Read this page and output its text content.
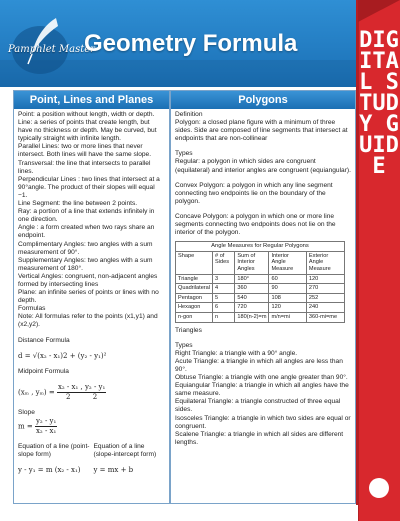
Pamphlet Master
Geometry Formula	DIGITAL STUDY GUIDE
Point, Lines and Planes

Point: a position without length, width or depth.

Line: a series of points that create length, but have no thickness or depth. May be curved, but typically straight with infinite length.

Parallel Lines: two or more lines that never intersect. Both lines will have the same slope.

Transversal: the line that intersects to parallel lines.

Perpendicular Lines : two lines that intersect at a 90°angle. The product of their slopes will equal −1.

Line Segment: the line between 2 points.

Ray: a portion of a line that extends infinitely in one direction.

Angle : a form created when two rays share an endpoint.

Complimentary Angles: two angles with a sum measurement of 90°.

Supplementary Angles: two angles with a sum measurement of 180°.

Vertical Angles: congruent, non-adjacent angles formed by intersecting lines

Plane: an infinite series of points or lines with no depth.

Formulas

Note: All formulas refer to the points (x1,y1) and (x2,y2).

Distance Formula

d = √(x₂ - x₁)2 + (y₂ - y₁)²

Midpoint Formula

(xₘ , $y_m) = \frac{\text{x₂ - x₁ , y₂ - y₁}}{2 2}$

Slope

$m = \frac{\text{y₂ - y₁}}{\text{x₂ - x₁}}$
Equation of a line (point-slope form)
Equation of a line (slope-intercept form)
y - y₁ = m (x₂ - x₁)	y = mx + b
Polygons

Definition

Polygon: a closed plane figure with a minimum of three sides. Side are composed of line segments that intersect at endpoints that are non-collinear

Types

Regular: a polygon in which sides are congruent (equilateral) and interior angles are congruent (equiangular).

Convex Polygon: a polygon in which any line segment connecting two endpoints lie on the boundary of the polygon.

Concave Polygon: a polygon in which one or more line segments connecting two endpoints does not lie on the interior of the polygon.

Angle Measures for Regular Polygons
Shape	# of Sides	Sum of Interior Angles	Interior Angle Measure	Exterior Angle Measure
Triangle	3	180°	60	120
Quadrilateral	4	360	90	270
Pentagon	5	540	108	252
Hexagon	6	720	120	240
n-gon	n	180(n-2)=m	m/n=mi	360-mi=me

Triangles

Types

Right Triangle: a triangle with a 90° angle.

Acute Triangle: a triangle in which all angles are less than 90°.

Obtuse Triangle: a triangle with one angle greater than 90°.

Equiangular Triangle: a triangle in which all angles have the same measure.

Equilateral Triangle: a triangle constructed of three equal sides.

Isosceles Triangle: a triangle in which two sides are equal or congruent.

Scalene Triangle: a triangle in which all sides are different lengths.
